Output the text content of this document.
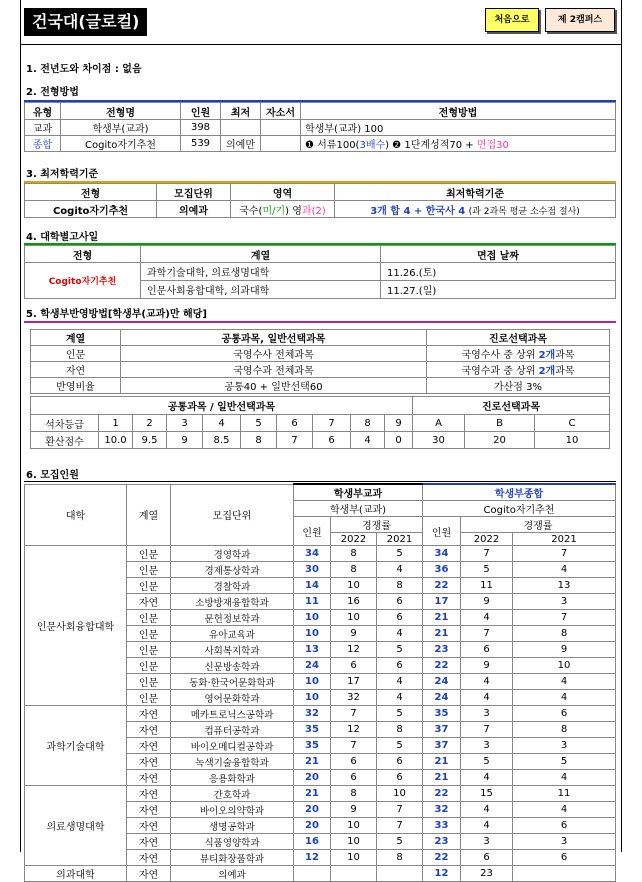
건국대(글로컬)	처음으로	제 2캠퍼스
1. 전년도와 차이점 : 없음
2. 전형방법
유형	전형명	인원	최저	자소서	전형방법
교과	학생부(교과)	398			학생부(교과) 100
종합	Cogito자기추천	539	의예만		❶ 서류100(3배수) ❷ 1단계성적70 + 면접30
3. 최저학력기준
전형	모집단위	영역	최저학력기준
Cogito자기추천	의예과	국수(미/기) 영과(2)	3개 합 4 + 한국사 4 (과 2과목 평균 소수점 절사)
4. 대학별고사일
전형	계열	면접 날짜
Cogito자기추천	과학기술대학, 의료생명대학	11.26.(토)
	인문사회융합대학, 의과대학	11.27.(일)
5. 학생부반영방법[학생부(교과)만 해당]
계열	공통과목, 일반선택과목	진로선택과목
인문	국영수사 전체과목	국영수사 중 상위 2개과목
자연	국영수과 전체과목	국영수과 중 상위 2개과목
반영비율	공통40 + 일반선택60	가산점 3%
공통과목 / 일반선택과목										진로선택과목		
석차등급	1	2	3	4	5	6	7	8	9	A	B	C
환산점수	10.0	9.5	9	8.5	8	7	6	4	0	30	20	10
6. 모집인원
대학	계열	모집단위	학생부교과			학생부종합		
			학생부(교과)			Cogito자기추천		
			인원	경쟁률		인원	경쟁률	
				2022	2021		2022	2021
인문사회융합대학	인문	경영학과	34	8	5	34	7	7
	인문	경제통상학과	30	8	4	36	5	4
	인문	경찰학과	14	10	8	22	11	13
	자연	소방방재융합학과	11	16	6	17	9	3
	인문	문헌정보학과	10	10	6	21	4	7
	인문	유아교육과	10	9	4	21	7	8
	인문	사회복지학과	13	12	5	23	6	9
	인문	신문방송학과	24	6	6	22	9	10
	인문	동화·한국어문화학과	10	17	4	24	4	4
	인문	영어문화학과	10	32	4	24	4	4
과학기술대학	자연	메카트로닉스공학과	32	7	5	35	3	6
	자연	컴퓨터공학과	35	12	8	37	7	8
	자연	바이오메디컬공학과	35	7	5	37	3	3
	자연	녹색기술융합학과	21	6	6	21	5	5
	자연	응용화학과	20	6	6	21	4	4
의료생명대학	자연	간호학과	21	8	10	22	15	11
	자연	바이오의약학과	20	9	7	32	4	4
	자연	생명공학과	20	10	7	33	4	6
	자연	식품영양학과	16	10	5	23	3	3
	자연	뷰티화장품학과	12	10	8	22	6	6
의과대학	자연	의예과				12	23	
